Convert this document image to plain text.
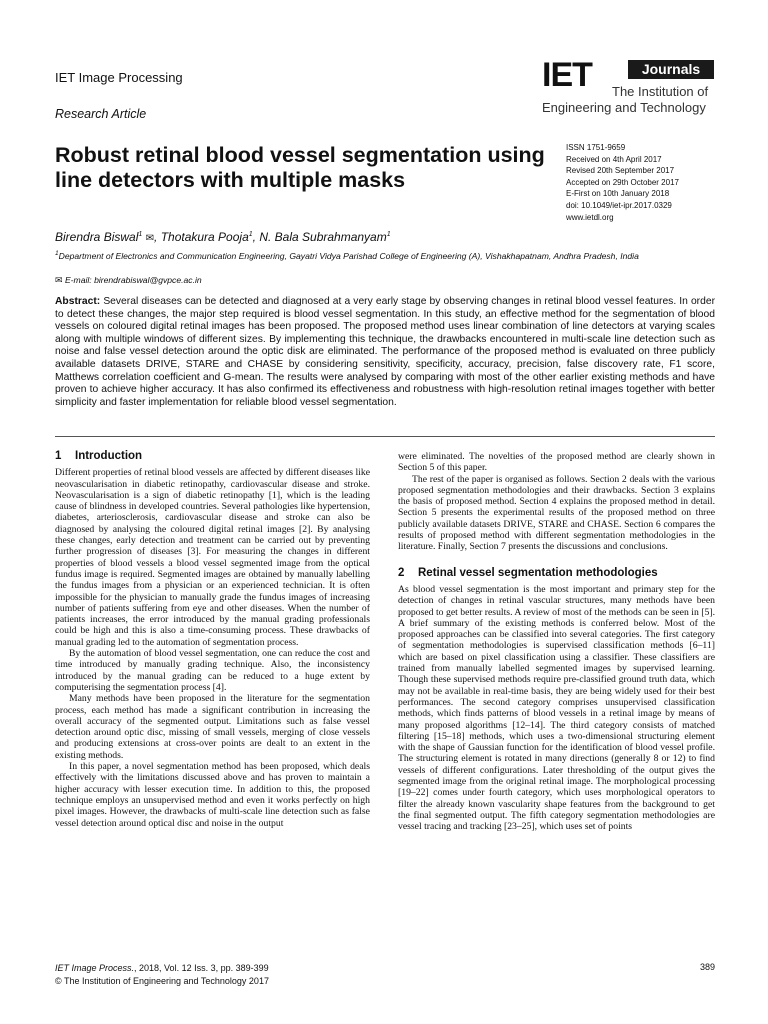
IET Image Processing
Research Article
IET	Journals
The Institution of
Engineering and Technology
Robust retinal blood vessel segmentation using line detectors with multiple masks
ISSN 1751-9659
Received on 4th April 2017
Revised 20th September 2017
Accepted on 29th October 2017
E-First on 10th January 2018
doi: 10.1049/iet-ipr.2017.0329
www.ietdl.org
Birendra Biswal$^1$ ✉, Thotakura Pooja$^1$, N. Bala Subrahmanyam$^1$
$^1$Department of Electronics and Communication Engineering, Gayatri Vidya Parishad College of Engineering (A), Vishakhapatnam, Andhra Pradesh, India
✉ E-mail: birendrabiswal@gvpce.ac.in
Abstract: Several diseases can be detected and diagnosed at a very early stage by observing changes in retinal blood vessel features. In order to detect these changes, the major step required is blood vessel segmentation. In this study, an effective method for the segmentation of blood vessels on coloured digital retinal images has been proposed. The proposed method uses linear combination of line detectors at varying scales along with multiple windows of different sizes. By implementing this technique, the drawbacks encountered in multi-scale line detection such as noise and false vessel detection around the optic disk are eliminated. The performance of the proposed method is evaluated on three publicly available datasets DRIVE, STARE and CHASE by considering sensitivity, specificity, accuracy, precision, false discovery rate, F1 score, Matthews correlation coefficient and G-mean. The results were analysed by comparing with most of the other earlier existing methods and have proven to achieve higher accuracy. It has also confirmed its effectiveness and robustness with high-resolution retinal images together with better simplicity and faster implementation for reliable blood vessel segmentation.
1 Introduction

Different properties of retinal blood vessels are affected by different diseases like neovascularisation in diabetic retinopathy, cardiovascular disease and stroke. Neovascularisation is a sign of diabetic retinopathy [1], which is the leading cause of blindness in developed countries. Several pathologies like hypertension, diabetes, arteriosclerosis, cardiovascular disease and stroke can also be diagnosed by analysing the coloured digital retinal images [2]. By analysing these changes, early detection and treatment can be carried out by preventing further progression of diseases [3]. For measuring the changes in different properties of blood vessels a blood vessel segmented image from the optical fundus image is required. Segmented images are obtained by manually labelling the fundus images from a physician or an experienced technician. It is often impossible for the physician to manually grade the fundus images of increasing number of patients suffering from eye and other diseases. When the number of patients increases, the error introduced by the manual grading professionals could be high and this is also a time-consuming process. These drawbacks of manual grading led to the automation of segmentation process.

By the automation of blood vessel segmentation, one can reduce the cost and time introduced by manually grading technique. Also, the inconsistency introduced by the manual grading can be reduced to a huge extent by computerising the segmentation process [4].

Many methods have been proposed in the literature for the segmentation process, each method has made a significant contribution in increasing the overall accuracy of the segmented output. Limitations such as false vessel detection around optic disc, missing of small vessels, merging of close vessels and producing extensions at cross-over points are dealt to an extent in the existing methods.

In this paper, a novel segmentation method has been proposed, which deals effectively with the limitations discussed above and has proven to maintain a higher accuracy with lesser execution time. In addition to this, the proposed technique employs an unsupervised method and even it works perfectly on high pixel images. However, the drawbacks of multi-scale line detection such as false vessel detection around optical disc and noise in the output

were eliminated. The novelties of the proposed method are clearly shown in Section 5 of this paper.

The rest of the paper is organised as follows. Section 2 deals with the various proposed segmentation methodologies and their drawbacks. Section 3 explains the basis of proposed method. Section 4 explains the proposed method in detail. Section 5 presents the experimental results of the proposed method on three publicly available datasets DRIVE, STARE and CHASE. Section 6 compares the results of proposed method with different segmentation methodologies in the literature. Finally, Section 7 presents the discussions and conclusions.

2 Retinal vessel segmentation methodologies

As blood vessel segmentation is the most important and primary step for the detection of changes in retinal vascular structures, many methods have been proposed to get better results. A review of most of the methods can be seen in [5]. A brief summary of the existing methods is conferred below. Most of the proposed approaches can be classified into several categories. The first category of segmentation methodologies is supervised classification methods [6–11] which are based on pixel classification using a classifier. These classifiers are trained from manually labelled segmented images by supervised learning. Though these supervised methods require pre-classified ground truth data, which may not be available in real-time basis, they are being widely used for their best performances. The second category comprises unsupervised classification methods, which finds patterns of blood vessels in a retinal image by means of many proposed algorithms [12–14]. The third category consists of matched filtering [15–18] methods, which uses a two-dimensional structuring element with the shape of Gaussian function for the identification of blood vessel profile. The structuring element is rotated in many directions (generally 8 or 12) to find vessels of different configurations. Later thresholding of the output gives the segmented image from the original retinal image. The morphological processing [19–22] comes under fourth category, which uses morphological operators to filter the already known vascularity shape features from the background to get the final segmented output. The fifth category segmentation methodologies are vessel tracing and tracking [23–25], which uses set of points

IET Image Process., 2018, Vol. 12 Iss. 3, pp. 389-399
© The Institution of Engineering and Technology 2017
389
